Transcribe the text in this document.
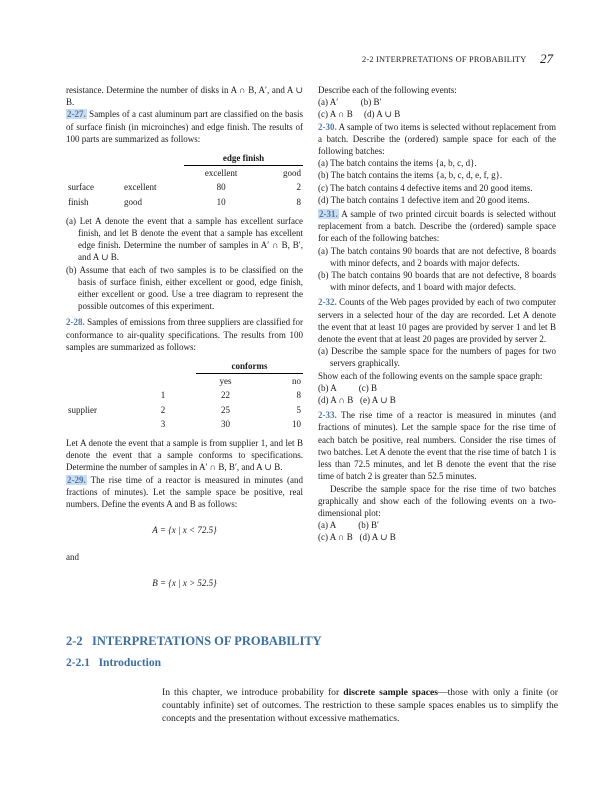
2-2 INTERPRETATIONS OF PROBABILITY 27

resistance. Determine the number of disks in A ∩ B, A′, and A ∪ B.

2-27. Samples of a cast aluminum part are classified on the basis of surface finish (in microinches) and edge finish. The results of 100 parts are summarized as follows:

		edge finish	
		excellent	good
surface	excellent	80	2
finish	good	10	8

(a) Let A denote the event that a sample has excellent surface finish, and let B denote the event that a sample has excellent edge finish. Determine the number of samples in A′ ∩ B, B′, and A ∪ B.

(b) Assume that each of two samples is to be classified on the basis of surface finish, either excellent or good, edge finish, either excellent or good. Use a tree diagram to represent the possible outcomes of this experiment.

2-28. Samples of emissions from three suppliers are classified for conformance to air-quality specifications. The results from 100 samples are summarized as follows:

		conforms	
		yes	no
	1	22	8
supplier	2	25	5
	3	30	10

Let A denote the event that a sample is from supplier 1, and let B denote the event that a sample conforms to specifications. Determine the number of samples in A′ ∩ B, B′, and A ∪ B.

2-29. The rise time of a reactor is measured in minutes (and fractions of minutes). Let the sample space be positive, real numbers. Define the events A and B as follows:

A = {x | x < 72.5}

and

B = {x | x > 52.5}

Describe each of the following events:

(a) A′          (b) B′

(c) A ∩ B     (d) A ∪ B

2-30. A sample of two items is selected without replacement from a batch. Describe the (ordered) sample space for each of the following batches:

(a) The batch contains the items {a, b, c, d}.

(b) The batch contains the items {a, b, c, d, e, f, g}.

(c) The batch contains 4 defective items and 20 good items.

(d) The batch contains 1 defective item and 20 good items.

2-31. A sample of two printed circuit boards is selected without replacement from a batch. Describe the (ordered) sample space for each of the following batches:

(a) The batch contains 90 boards that are not defective, 8 boards with minor defects, and 2 boards with major defects.

(b) The batch contains 90 boards that are not defective, 8 boards with minor defects, and 1 board with major defects.

2-32. Counts of the Web pages provided by each of two computer servers in a selected hour of the day are recorded. Let A denote the event that at least 10 pages are provided by server 1 and let B denote the event that at least 20 pages are provided by server 2.

(a) Describe the sample space for the numbers of pages for two servers graphically.

Show each of the following events on the sample space graph:

(b) A          (c) B

(d) A ∩ B   (e) A ∪ B

2-33. The rise time of a reactor is measured in minutes (and fractions of minutes). Let the sample space for the rise time of each batch be positive, real numbers. Consider the rise times of two batches. Let A denote the event that the rise time of batch 1 is less than 72.5 minutes, and let B denote the event that the rise time of batch 2 is greater than 52.5 minutes.

Describe the sample space for the rise time of two batches graphically and show each of the following events on a two-dimensional plot:

(a) A          (b) B′

(c) A ∩ B   (d) A ∪ B

2-2   INTERPRETATIONS OF PROBABILITY
2-2.1   Introduction

In this chapter, we introduce probability for discrete sample spaces—those with only a finite (or countably infinite) set of outcomes. The restriction to these sample spaces enables us to simplify the concepts and the presentation without excessive mathematics.
